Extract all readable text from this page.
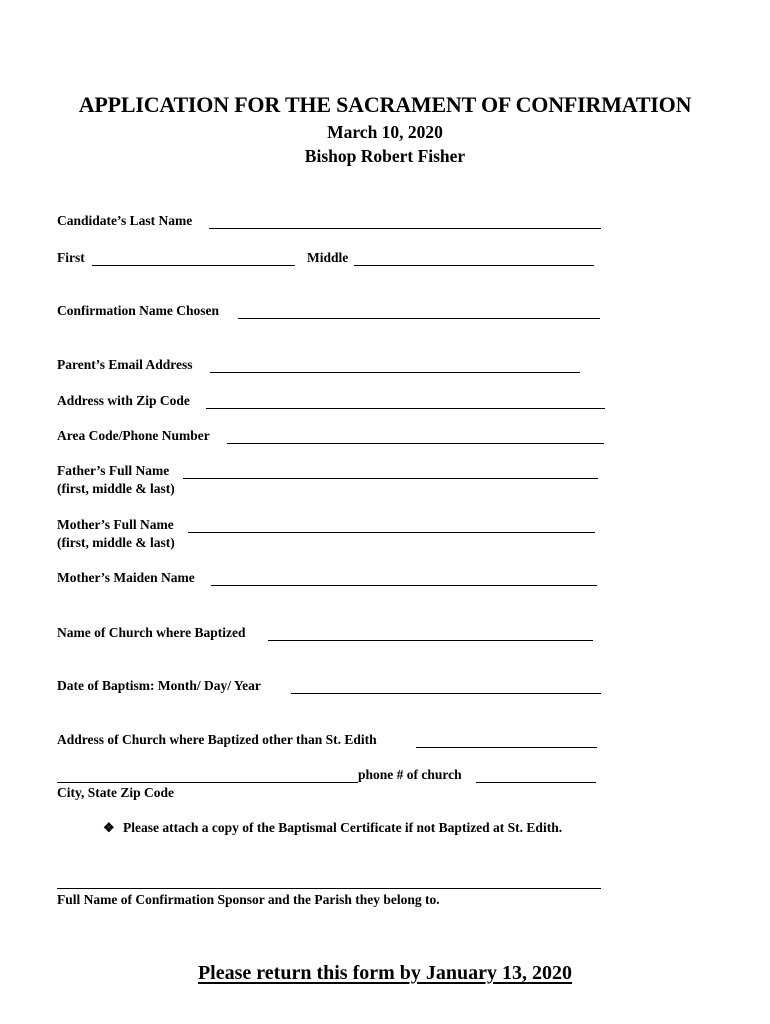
APPLICATION FOR THE SACRAMENT OF CONFIRMATION
March 10, 2020
Bishop Robert Fisher
Candidate’s Last Name
First	Middle
Confirmation Name Chosen
Parent’s Email Address
Address with Zip Code
Area Code/Phone Number
Father’s Full Name
(first, middle & last)
Mother’s Full Name
(first, middle & last)
Mother’s Maiden Name
Name of Church where Baptized
Date of Baptism: Month/ Day/ Year
Address of Church where Baptized other than St. Edith
phone # of church
City, State Zip Code
❖ Please attach a copy of the Baptismal Certificate if not Baptized at St. Edith.
Full Name of Confirmation Sponsor and the Parish they belong to.
Please return this form by January 13, 2020
